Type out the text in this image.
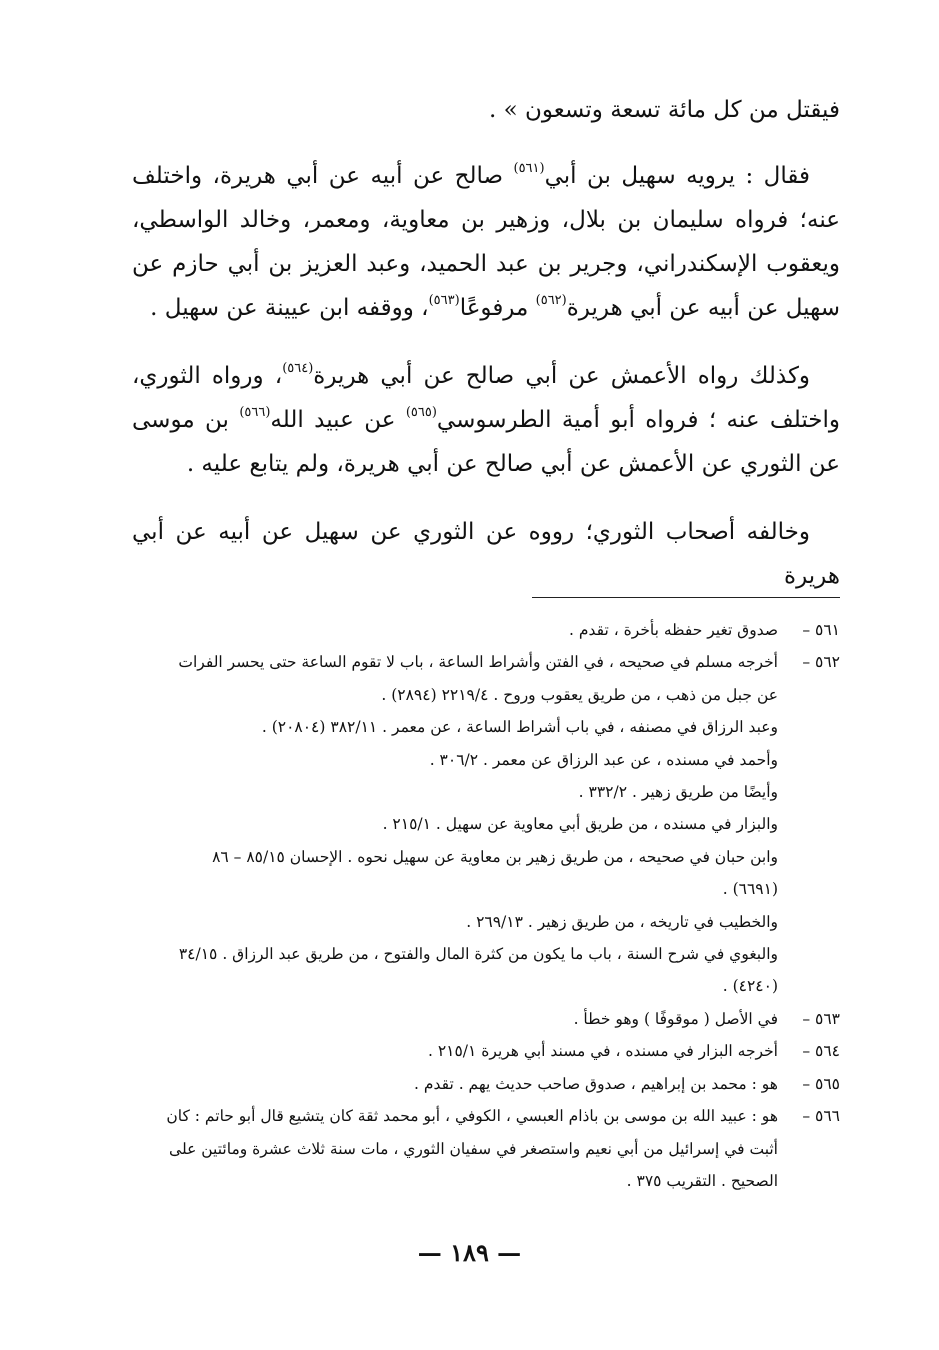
فيقتل من كل مائة تسعة وتسعون » .

فقال : يرويه سهيل بن أبي$^{(٥٦١)}$ صالح عن أبيه عن أبي هريرة، واختلف عنه؛ فرواه سليمان بن بلال، وزهير بن معاوية، ومعمر، وخالد الواسطي، ويعقوب الإسكندراني، وجرير بن عبد الحميد، وعبد العزيز بن أبي حازم عن سهيل عن أبيه عن أبي هريرة$^{(٥٦٢)}$ مرفوعًا$^{(٥٦٣)}$، ووقفه ابن عيينة عن سهيل .

وكذلك رواه الأعمش عن أبي صالح عن أبي هريرة$^{(٥٦٤)}$، ورواه الثوري، واختلف عنه ؛ فرواه أبو أمية الطرسوسي$^{(٥٦٥)}$ عن عبيد الله$^{(٥٦٦)}$ بن موسى عن الثوري عن الأعمش عن أبي صالح عن أبي هريرة، ولم يتابع عليه .

وخالفه أصحاب الثوري؛ رووه عن الثوري عن سهيل عن أبيه عن أبي هريرة

٥٦١ –
صدوق تغير حفظه بأخرة ، تقدم .
٥٦٢ –
أخرجه مسلم في صحيحه ، في الفتن وأشراط الساعة ، باب لا تقوم الساعة حتى يحسر الفرات
عن جبل من ذهب ، من طريق يعقوب وروح . ٢٢١٩/٤ (٢٨٩٤) .
وعبد الرزاق في مصنفه ، في باب أشراط الساعة ، عن معمر . ٣٨٢/١١ (٢٠٨٠٤) .
وأحمد في مسنده ، عن عبد الرزاق عن معمر . ٣٠٦/٢ .
وأيضًا من طريق زهير . ٣٣٢/٢ .
والبزار في مسنده ، من طريق أبي معاوية عن سهيل . ٢١٥/١ .
وابن حبان في صحيحه ، من طريق زهير بن معاوية عن سهيل نحوه . الإحسان ٨٥/١٥ – ٨٦
(٦٦٩١) .
والخطيب في تاريخه ، من طريق زهير . ٢٦٩/١٣ .
والبغوي في شرح السنة ، باب ما يكون من كثرة المال والفتوح ، من طريق عبد الرزاق . ٣٤/١٥
(٤٢٤٠) .
٥٦٣ –
في الأصل ( موقوفًا ) وهو خطأ .
٥٦٤ –
أخرجه البزار في مسنده ، في مسند أبي هريرة ٢١٥/١ .
٥٦٥ –
هو : محمد بن إبراهيم ، صدوق صاحب حديث يهم . تقدم .
٥٦٦ –
هو : عبيد الله بن موسى بن باذام العبسي ، الكوفي ، أبو محمد ثقة كان يتشيع قال أبو حاتم : كان
أثبت في إسرائيل من أبي نعيم واستصغر في سفيان الثوري ، مات سنة ثلاث عشرة ومائتين على
الصحيح . التقريب ٣٧٥ .
— ١٨٩ —
